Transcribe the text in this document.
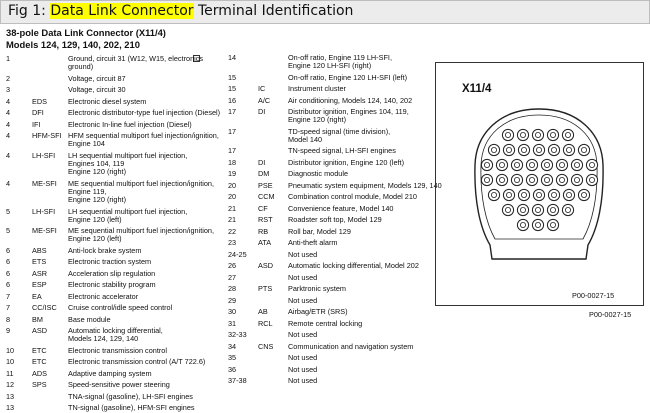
Fig 1: Data Link Connector Terminal Identification
38-pole Data Link Connector (X11/4)
Models 124, 129, 140, 202, 210
1	Ground, circuit 31 (W12, W15, electronics
ground)
2	Voltage, circuit 87
3	Voltage, circuit 30
4	EDS	Electronic diesel system
4	DFI	Electronic distributor-type fuel injection (Diesel)
4	IFI	Electronic In-line fuel injection (Diesel)
4	HFM-SFI HFM sequential multiport fuel injection/ignition,
Engine 104
4	LH-SFI LH sequential multiport fuel injection,
Engines 104, 119
Engine 120 (right)
4	ME-SFI ME sequential multiport fuel injection/ignition,
Engine 119,
Engine 120 (right)
5	LH-SFI LH sequential multiport fuel injection,
Engine 120 (left)
5	ME-SFI ME sequential multiport fuel injection/ignition,
Engine 120 (left)
6	ABS	Anti-lock brake system
6	ETS	Electronic traction system
6	ASR	Acceleration slip regulation
6	ESP	Electronic stability program
7	EA	Electronic accelerator
7	CC/ISC Cruise control/idle speed control
8	BM	Base module
9	ASD	Automatic locking differential,
Models 124, 129, 140
10 ETC	Electronic transmission control
10 ETC	Electronic transmission control (A/T 722.6)
11	ADS	Adaptive damping system
12 SPS	Speed-sensitive power steering
13	TNA-signal (gasoline), LH-SFI engines
13	TN-signal (gasoline), HFM-SFI engines
14	On-off ratio, Engine 119 LH-SFI,
Engine 120 LH-SFI (right)
15	On-off ratio, Engine 120 LH-SFI (left)
15	IC	Instrument cluster
16	A/C Air conditioning, Models 124, 140, 202
17	DI	Distributor ignition, Engines 104, 119,
Engine 120 (right)
17	TD-speed signal (time division),
Model 140
17	TN-speed signal, LH-SFI engines
18	DI	Distributor ignition, Engine 120 (left)
19	DM	Diagnostic module
20	PSE Pneumatic system equipment, Models 129, 140
20	CCM Combination control module, Model 210
21	CF	Convenience feature, Model 140
21	RST Roadster soft top, Model 129
22	RB	Roll bar, Model 129
23	ATA Anti-theft alarm
24-25	Not used
26	ASD Automatic locking differential, Model 202
27	Not used
28	PTS Parktronic system
29	Not used
30	AB	Airbag/ETR (SRS)
31	RCL Remote central locking
32-33	Not used
34	CNS Communication and navigation system
35	Not used
36	Not used
37-38	Not used
X11/4
P00-0027-15
P00-0027-15
